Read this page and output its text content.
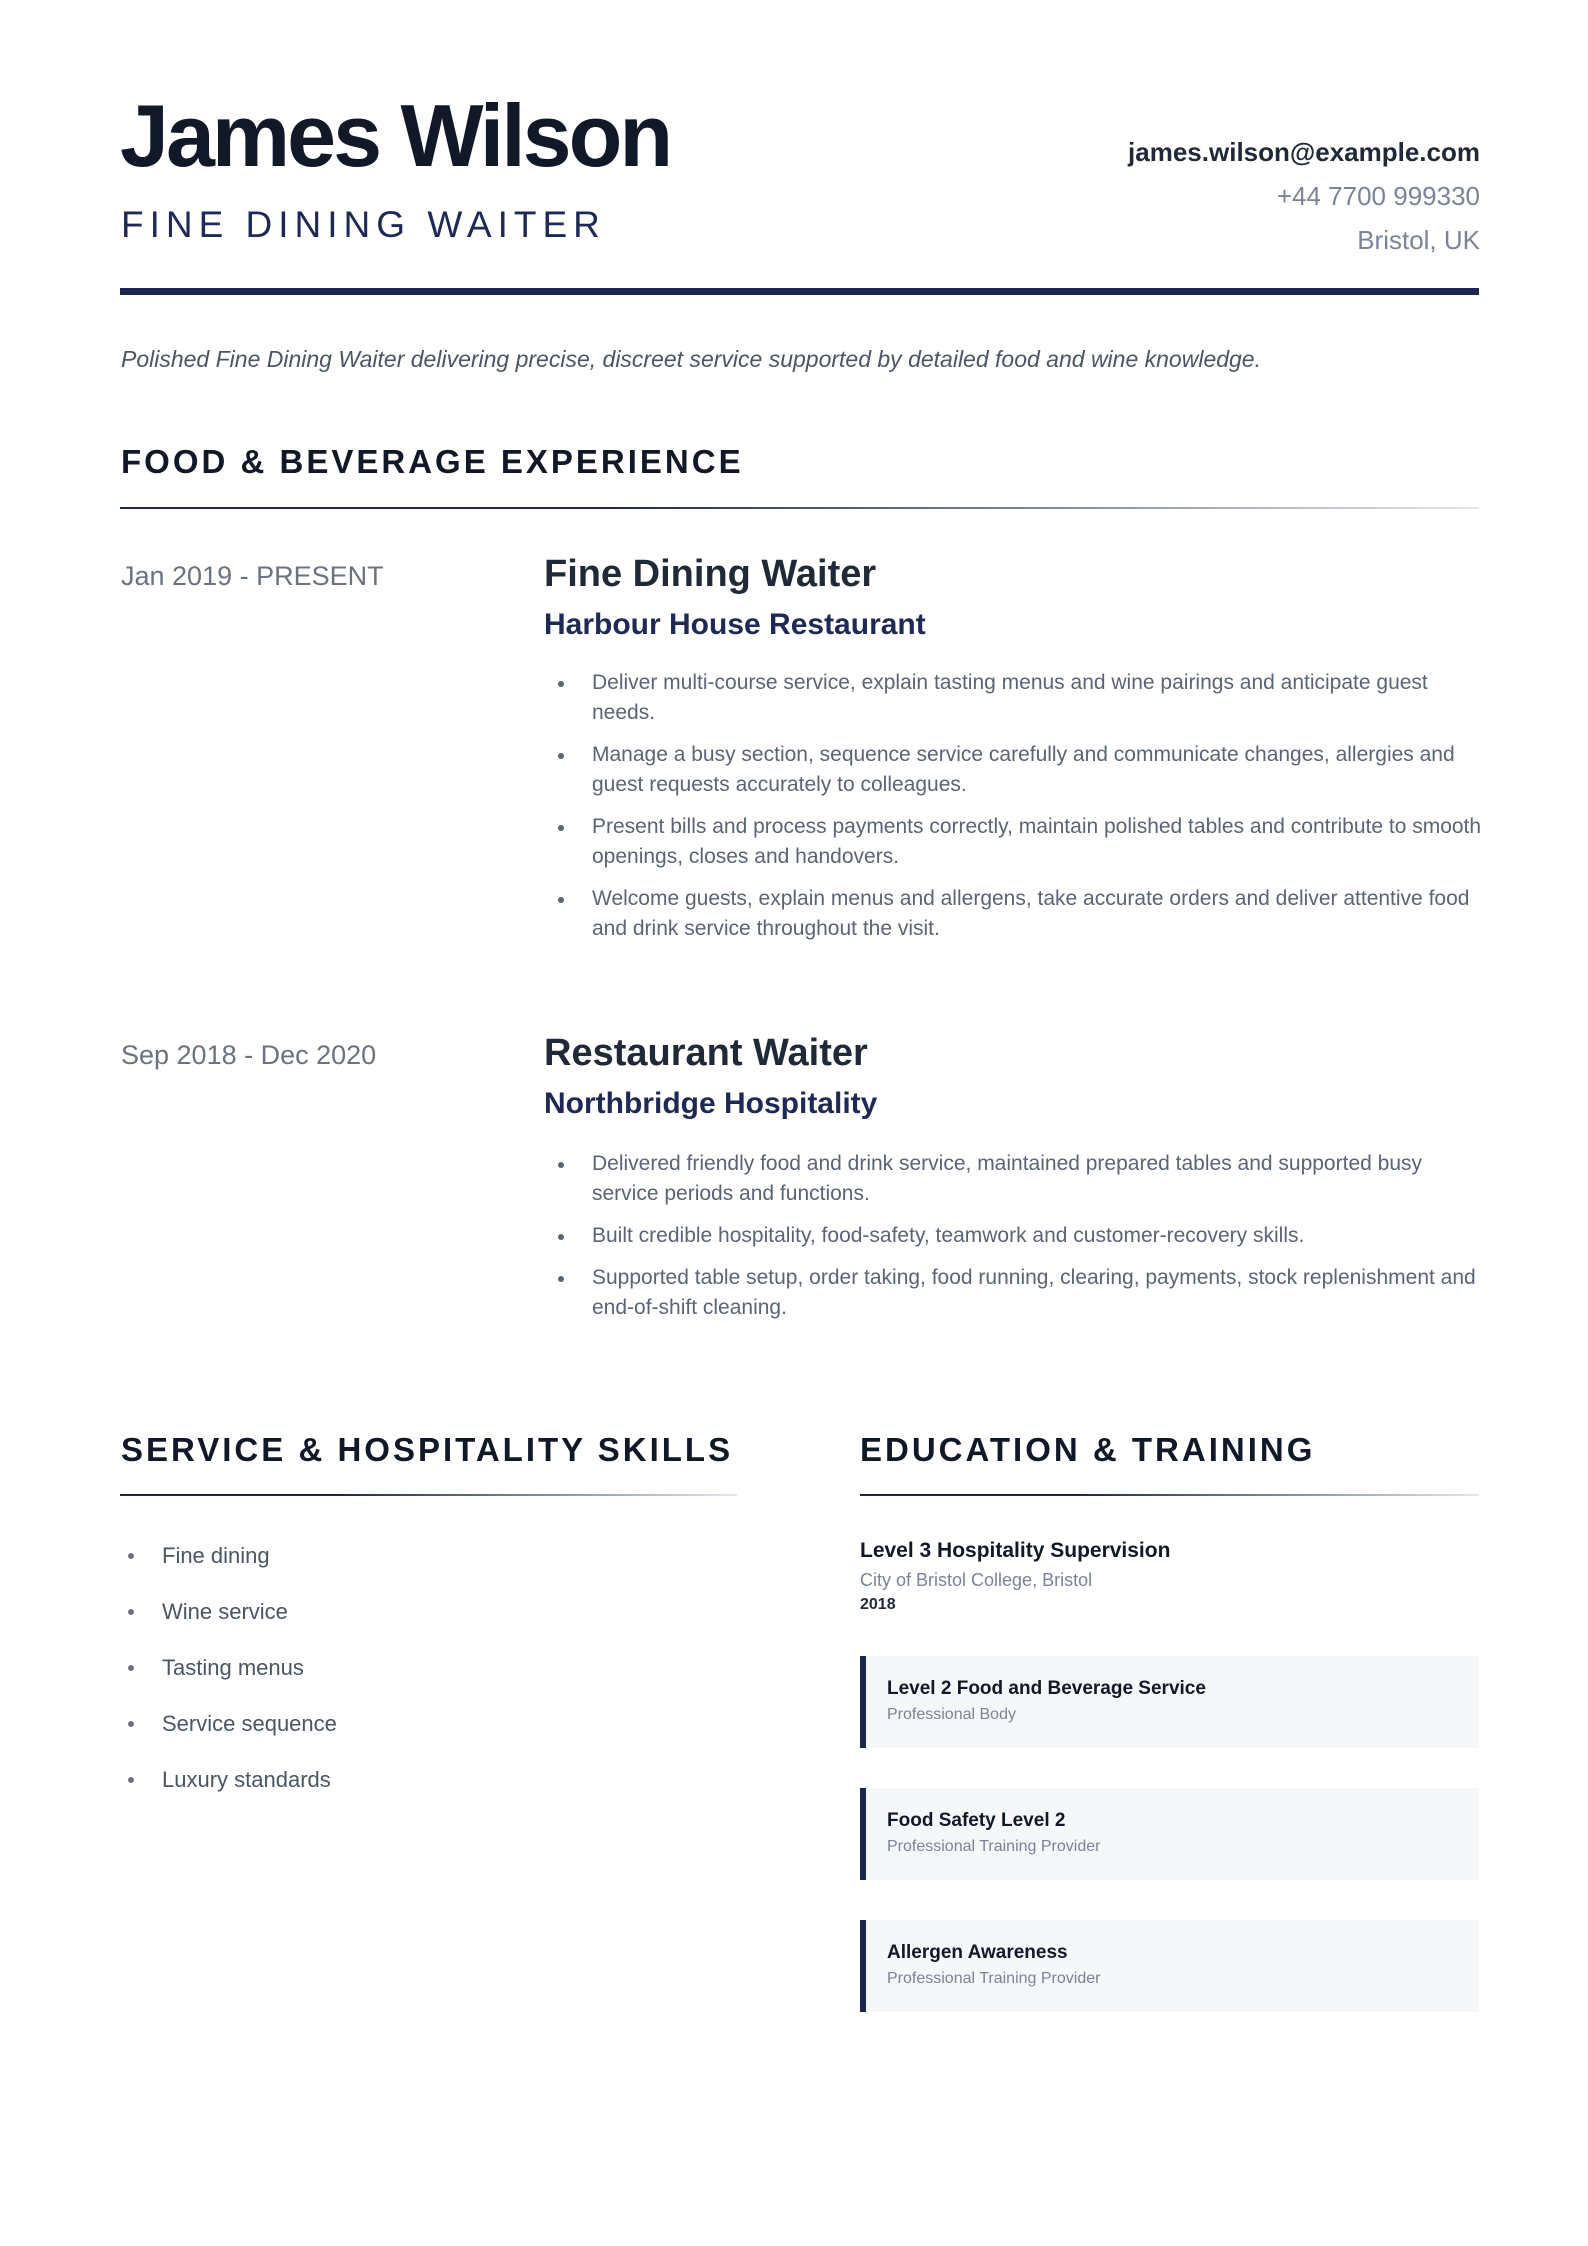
James Wilson
FINE DINING WAITER
james.wilson@example.com
+44 7700 999330
Bristol, UK
Polished Fine Dining Waiter delivering precise, discreet service supported by detailed food and wine knowledge.
FOOD & BEVERAGE EXPERIENCE
Jan 2019 - PRESENT	Fine Dining Waiter
Harbour House Restaurant
Deliver multi-course service, explain tasting menus and wine pairings and anticipate guest needs.
Manage a busy section, sequence service carefully and communicate changes, allergies and guest requests accurately to colleagues.
Present bills and process payments correctly, maintain polished tables and contribute to smooth openings, closes and handovers.
Welcome guests, explain menus and allergens, take accurate orders and deliver attentive food and drink service throughout the visit.
Sep 2018 - Dec 2020	Restaurant Waiter
Northbridge Hospitality
Delivered friendly food and drink service, maintained prepared tables and supported busy service periods and functions.
Built credible hospitality, food-safety, teamwork and customer-recovery skills.
Supported table setup, order taking, food running, clearing, payments, stock replenishment and end-of-shift cleaning.
SERVICE & HOSPITALITY SKILLS
Fine dining
Wine service
Tasting menus
Service sequence
Luxury standards
EDUCATION & TRAINING
Level 3 Hospitality Supervision
City of Bristol College, Bristol
2018
Level 2 Food and Beverage Service
Professional Body
Food Safety Level 2
Professional Training Provider
Allergen Awareness
Professional Training Provider
